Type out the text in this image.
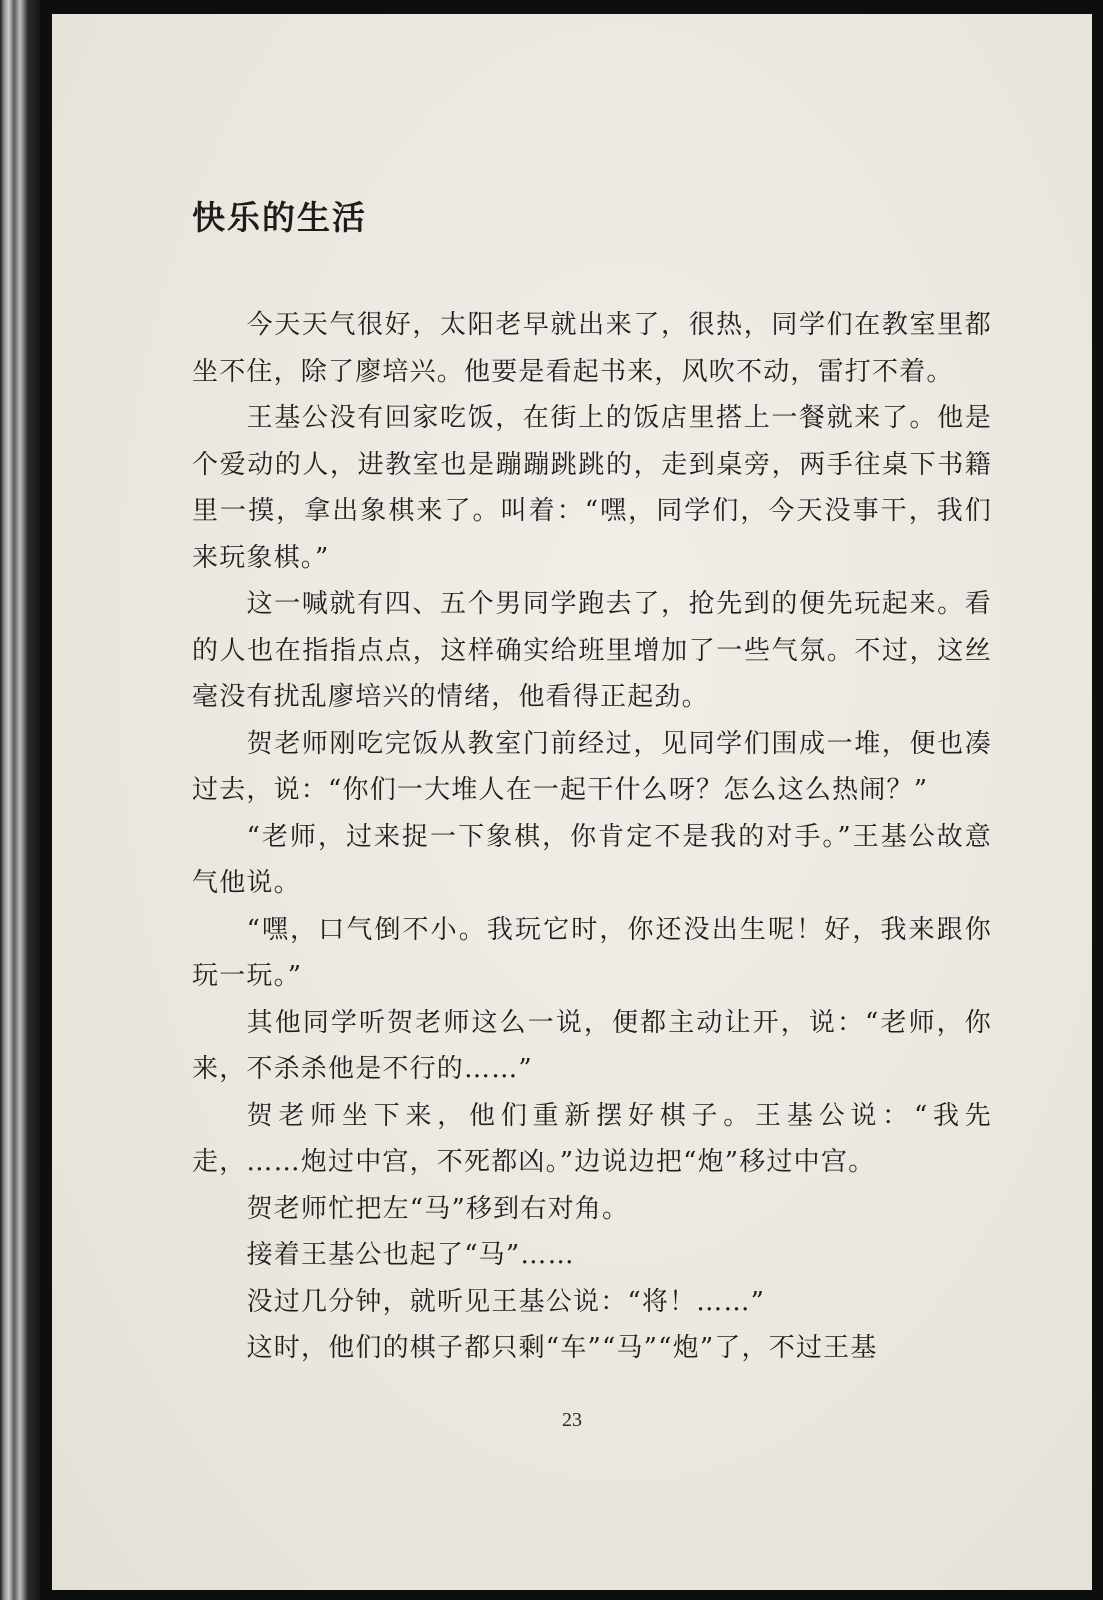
快乐的生活

今天天气很好，太阳老早就出来了，很热，同学们在教室里都坐不住，除了廖培兴。他要是看起书来，风吹不动，雷打不着。

王基公没有回家吃饭，在街上的饭店里搭上一餐就来了。他是个爱动的人，进教室也是蹦蹦跳跳的，走到桌旁，两手往桌下书籍里一摸，拿出象棋来了。叫着：“嘿，同学们，今天没事干，我们来玩象棋。”

这一喊就有四、五个男同学跑去了，抢先到的便先玩起来。看的人也在指指点点，这样确实给班里增加了一些气氛。不过，这丝毫没有扰乱廖培兴的情绪，他看得正起劲。

贺老师刚吃完饭从教室门前经过，见同学们围成一堆，便也凑过去，说：“你们一大堆人在一起干什么呀？怎么这么热闹？”

“老师，过来捉一下象棋，你肯定不是我的对手。”王基公故意气他说。

“嘿，口气倒不小。我玩它时，你还没出生呢！好，我来跟你玩一玩。”

其他同学听贺老师这么一说，便都主动让开，说：“老师，你来，不杀杀他是不行的……”

贺老师坐下来，他们重新摆好棋子。王基公说：“我先走，……炮过中宫，不死都凶。”边说边把“炮”移过中宫。

贺老师忙把左“马”移到右对角。

接着王基公也起了“马”……

没过几分钟，就听见王基公说：“将！……”

这时，他们的棋子都只剩“车”“马”“炮”了，不过王基

23
